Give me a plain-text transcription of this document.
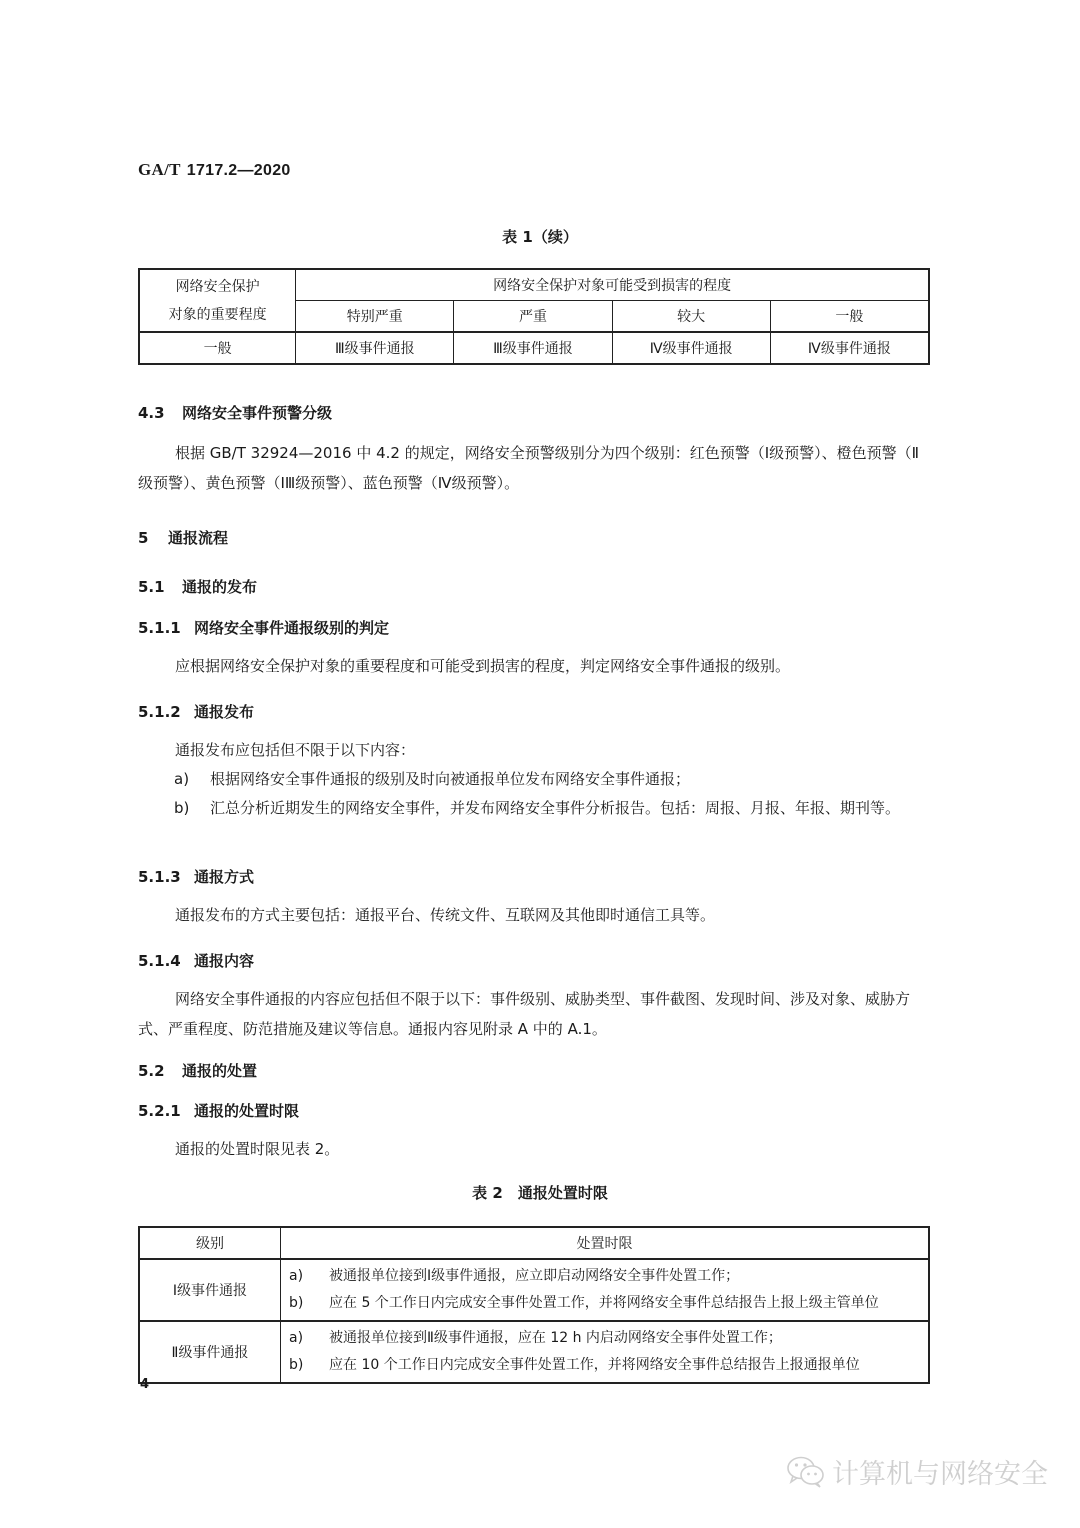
GA/T 1717.2—2020
表 1（续）
网络安全保护
对象的重要程度	网络安全保护对象可能受到损害的程度			
	特别严重	严重	较大	一般
一般	Ⅲ级事件通报	Ⅲ级事件通报	Ⅳ级事件通报	Ⅳ级事件通报
4.3 网络安全事件预警分级
根据 GB/T 32924—2016 中 4.2 的规定，网络安全预警级别分为四个级别：红色预警（Ⅰ级预警）、橙色预警（Ⅱ级预警）、黄色预警（ⅠⅢ级预警）、蓝色预警（Ⅳ级预警）。
5 通报流程
5.1 通报的发布
5.1.1 网络安全事件通报级别的判定
应根据网络安全保护对象的重要程度和可能受到损害的程度，判定网络安全事件通报的级别。
5.1.2 通报发布
通报发布应包括但不限于以下内容：
a)	根据网络安全事件通报的级别及时向被通报单位发布网络安全事件通报；
b)	汇总分析近期发生的网络安全事件，并发布网络安全事件分析报告。包括：周报、月报、年报、期刊等。
5.1.3 通报方式
通报发布的方式主要包括：通报平台、传统文件、互联网及其他即时通信工具等。
5.1.4 通报内容
网络安全事件通报的内容应包括但不限于以下：事件级别、威胁类型、事件截图、发现时间、涉及对象、威胁方式、严重程度、防范措施及建议等信息。通报内容见附录 A 中的 A.1。
5.2 通报的处置
5.2.1 通报的处置时限
通报的处置时限见表 2。
表 2　通报处置时限
级别	处置时限
Ⅰ级事件通报	a) 被通报单位接到Ⅰ级事件通报，应立即启动网络安全事件处置工作；
b) 应在 5 个工作日内完成安全事件处置工作，并将网络安全事件总结报告上报上级主管单位

Ⅱ级事件通报	a) 被通报单位接到Ⅱ级事件通报，应在 12 h 内启动网络安全事件处置工作；
b) 应在 10 个工作日内完成安全事件处置工作，并将网络安全事件总结报告上报通报单位
4
计算机与网络安全
